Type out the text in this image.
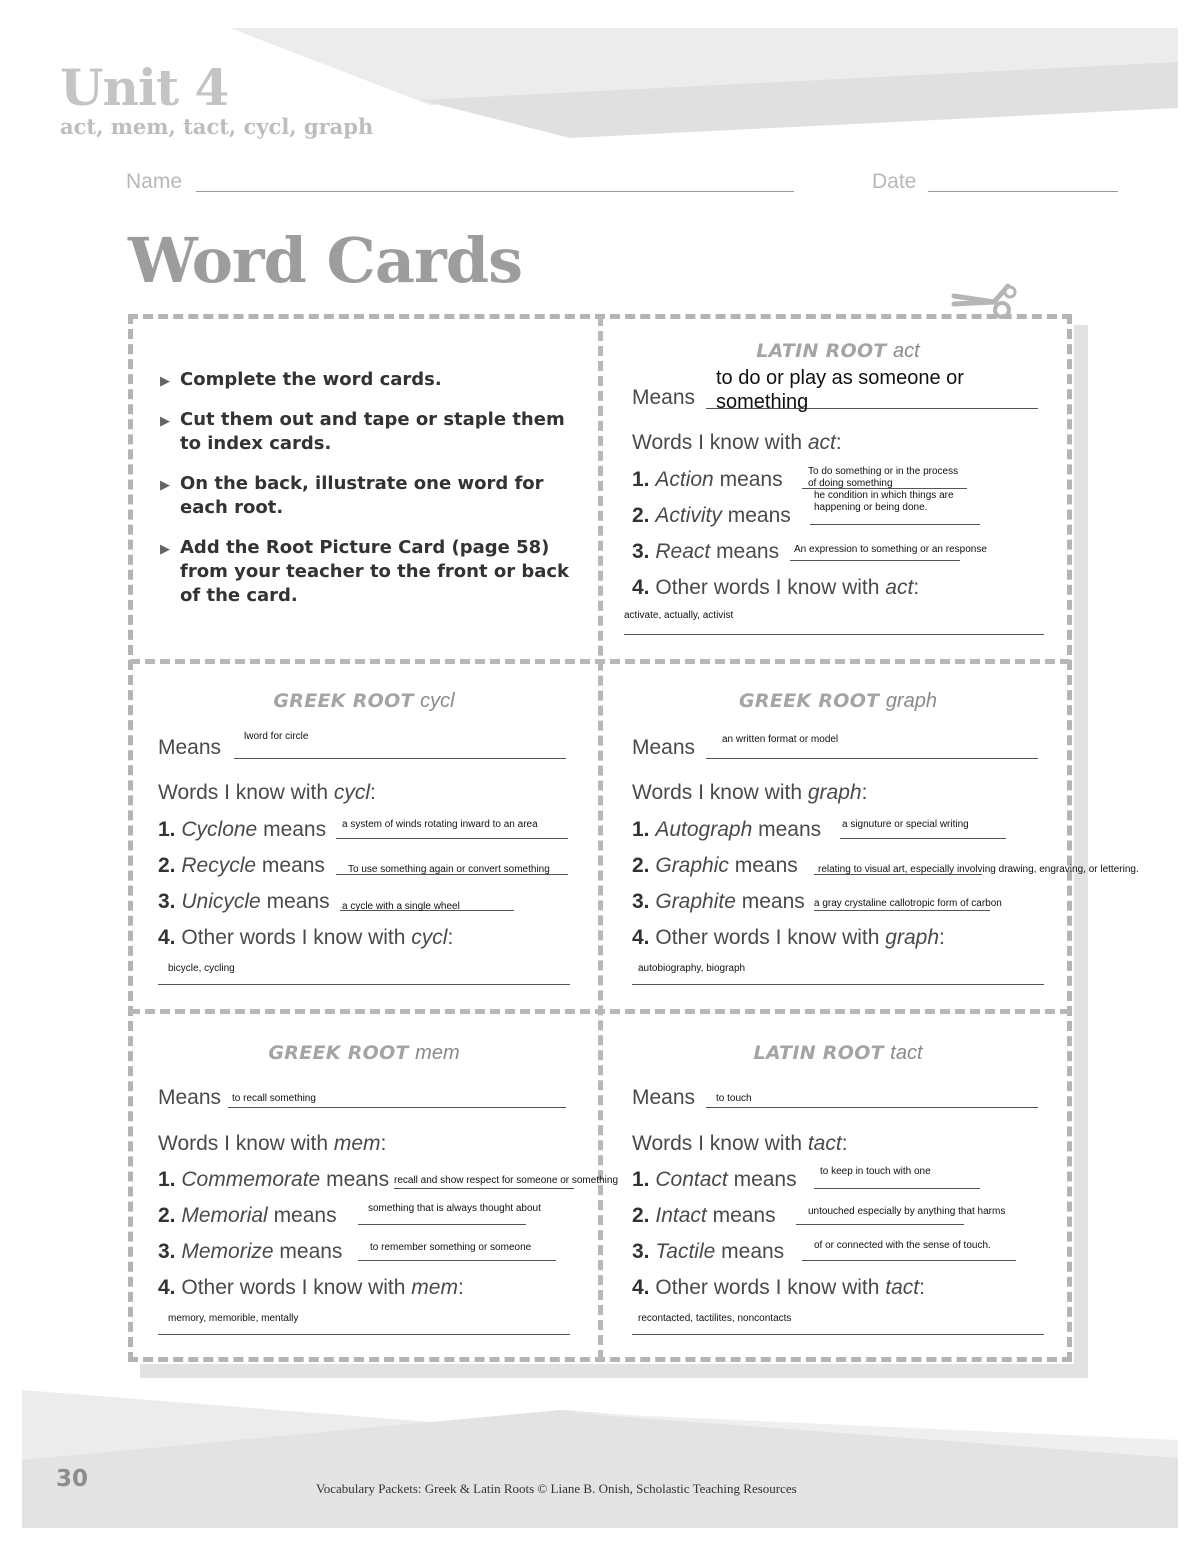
Unit 4
act, mem, tact, cycl, graph
Name	Date
Word Cards
▶ Complete the word cards.
▶ Cut them out and tape or staple them to index cards.
▶ On the back, illustrate one word for each root.
▶ Add the Root Picture Card (page 58) from your teacher to the front or back of the card.
LATIN ROOT act
Means
to do or play as someone or something
Words I know with act:
1. Action means	To do something or in the process of doing something
2. Activity means
he condition in which things are happening or being done.
3. React means An expression to something or an response
4. Other words I know with act:
activate, actually, activist
GREEK ROOT cycl
Means lword for circle
Words I know with cycl:
1. Cyclone means a system of winds rotating inward to an area
2. Recycle means To use something again or convert something
3. Unicycle means a cycle with a single wheel
4. Other words I know with cycl:
bicycle, cycling
GREEK ROOT graph
Means	an written format or model
Words I know with graph:
1. Autograph means a signuture or special writing
2. Graphic means relating to visual art, especially involving drawing, engraving, or lettering.
3. Graphite means a gray crystaline callotropic form of carbon
4. Other words I know with graph:
autobiography, biograph
GREEK ROOT mem
Means to recall something
Words I know with mem:
1. Commemorate means recall and show respect for someone or something
2. Memorial means	something that is always thought about
3. Memorize means	to remember something or someone
4. Other words I know with mem:
memory, memorible, mentally
LATIN ROOT tact
Means to touch
Words I know with tact:
1. Contact means to keep in touch with one
2. Intact means	untouched especially by anything that harms
3. Tactile means	of or connected with the sense of touch.
4. Other words I know with tact:
recontacted, tactilites, noncontacts
30	Vocabulary Packets: Greek & Latin Roots © Liane B. Onish, Scholastic Teaching Resources
